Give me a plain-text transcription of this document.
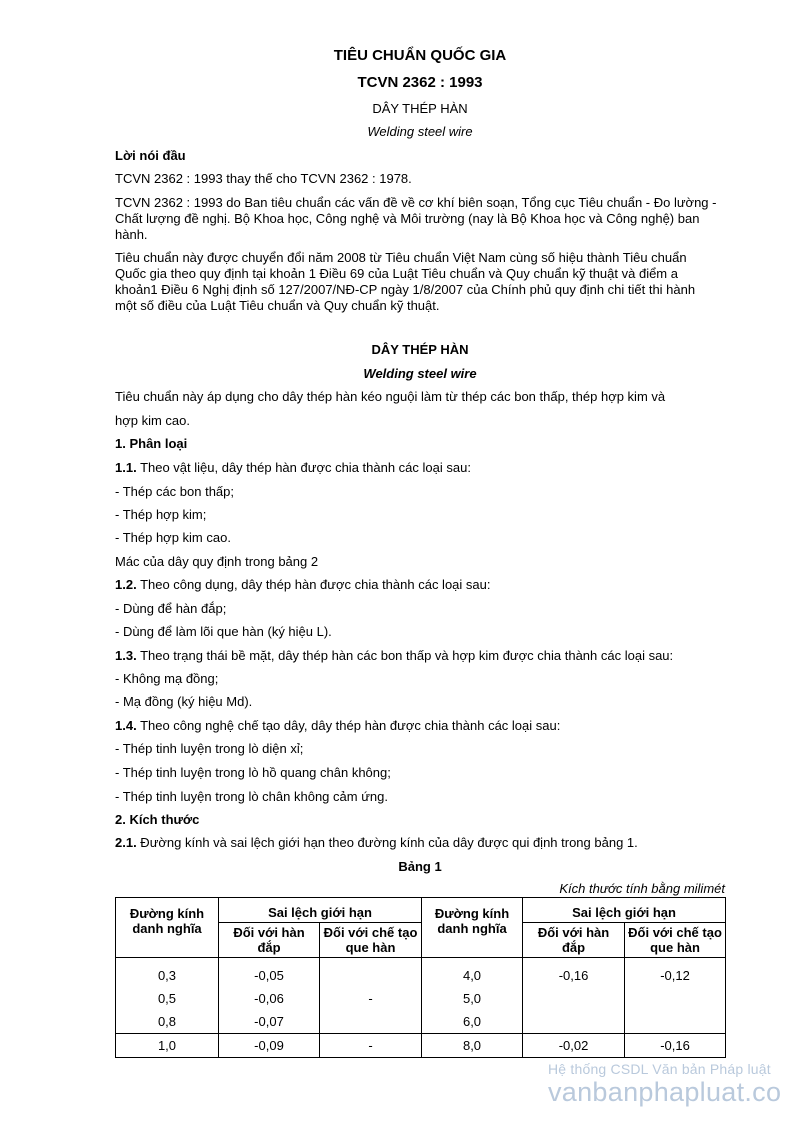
TIÊU CHUẨN QUỐC GIA

TCVN 2362 : 1993

DÂY THÉP HÀN

Welding steel wire

Lời nói đầu

TCVN 2362 : 1993 thay thế cho TCVN 2362 : 1978.

TCVN 2362 : 1993 do Ban tiêu chuẩn các vấn đề về cơ khí biên soạn, Tổng cục Tiêu chuẩn - Đo lường - Chất lượng đề nghị. Bộ Khoa học, Công nghệ và Môi trường (nay là Bộ Khoa học và Công nghệ) ban hành.

Tiêu chuẩn này được chuyển đổi năm 2008 từ Tiêu chuẩn Việt Nam cùng số hiệu thành Tiêu chuẩn Quốc gia theo quy định tại khoản 1 Điều 69 của Luật Tiêu chuẩn và Quy chuẩn kỹ thuật và điểm a khoản1 Điều 6 Nghị định số 127/2007/NĐ-CP ngày 1/8/2007 của Chính phủ quy định chi tiết thi hành một số điều của Luật Tiêu chuẩn và Quy chuẩn kỹ thuật.

DÂY THÉP HÀN

Welding steel wire

Tiêu chuẩn này áp dụng cho dây thép hàn kéo nguội làm từ thép các bon thấp, thép hợp kim và

hợp kim cao.

1. Phân loại

1.1. Theo vật liệu, dây thép hàn được chia thành các loại sau:

- Thép các bon thấp;

- Thép hợp kim;

- Thép hợp kim cao.

Mác của dây quy định trong bảng 2

1.2. Theo công dụng, dây thép hàn được chia thành các loại sau:

- Dùng để hàn đắp;

- Dùng để làm lõi que hàn (ký hiệu L).

1.3. Theo trạng thái bề mặt, dây thép hàn các bon thấp và hợp kim được chia thành các loại sau:

- Không mạ đồng;

- Mạ đồng (ký hiệu Md).

1.4. Theo công nghệ chế tạo dây, dây thép hàn được chia thành các loại sau:

- Thép tinh luyện trong lò diện xỉ;

- Thép tinh luyện trong lò hồ quang chân không;

- Thép tinh luyện trong lò chân không cảm ứng.

2. Kích thước

2.1. Đường kính và sai lệch giới hạn theo đường kính của dây được qui định trong bảng 1.

Bảng 1

Kích thước tính bằng milimét

Đường kính danh nghĩa	Sai lệch giới hạn		Đường kính danh nghĩa	Sai lệch giới hạn	
	Đối với hàn đắp	Đối với chế tạo que hàn		Đối với hàn đắp	Đối với chế tạo que hàn
0,3	-0,05		4,0	-0,16	-0,12
0,5	-0,06	-	5,0		
0,8	-0,07		6,0		
1,0	-0,09	-	8,0	-0,02	-0,16
Hệ thống CSDL Văn bản Pháp luật
vanbanphapluat.co
